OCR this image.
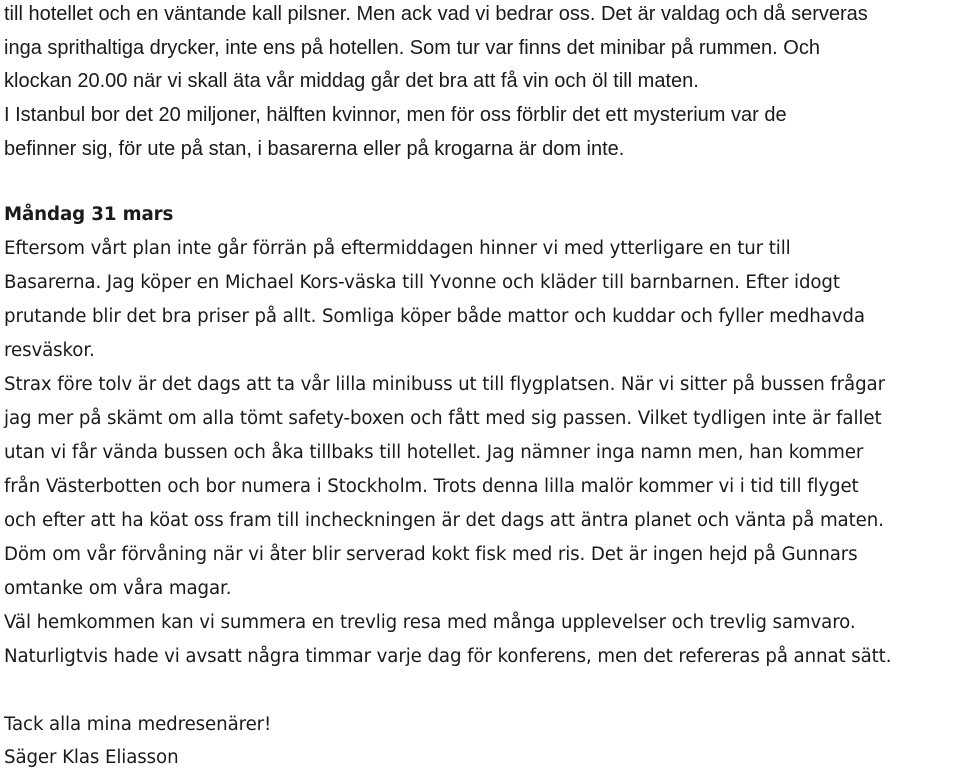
till hotellet och en väntande kall pilsner. Men ack vad vi bedrar oss. Det är valdag och då serveras
inga sprithaltiga drycker, inte ens på hotellen. Som tur var finns det minibar på rummen. Och
klockan 20.00 när vi skall äta vår middag går det bra att få vin och öl till maten.
I Istanbul bor det 20 miljoner, hälften kvinnor, men för oss förblir det ett mysterium var de
befinner sig, för ute på stan, i basarerna eller på krogarna är dom inte.
Måndag 31 mars
Eftersom vårt plan inte går förrän på eftermiddagen hinner vi med ytterligare en tur till
Basarerna. Jag köper en Michael Kors-väska till Yvonne och kläder till barnbarnen. Efter idogt
prutande blir det bra priser på allt. Somliga köper både mattor och kuddar och fyller medhavda
resväskor.
Strax före tolv är det dags att ta vår lilla minibuss ut till flygplatsen. När vi sitter på bussen frågar
jag mer på skämt om alla tömt safety-boxen och fått med sig passen. Vilket tydligen inte är fallet
utan vi får vända bussen och åka tillbaks till hotellet. Jag nämner inga namn men, han kommer
från Västerbotten och bor numera i Stockholm. Trots denna lilla malör kommer vi i tid till flyget
och efter att ha köat oss fram till incheckningen är det dags att äntra planet och vänta på maten.
Döm om vår förvåning när vi åter blir serverad kokt fisk med ris. Det är ingen hejd på Gunnars
omtanke om våra magar.
Väl hemkommen kan vi summera en trevlig resa med många upplevelser och trevlig samvaro.
Naturligtvis hade vi avsatt några timmar varje dag för konferens, men det refereras på annat sätt.
Tack alla mina medresenärer!
Säger Klas Eliasson
